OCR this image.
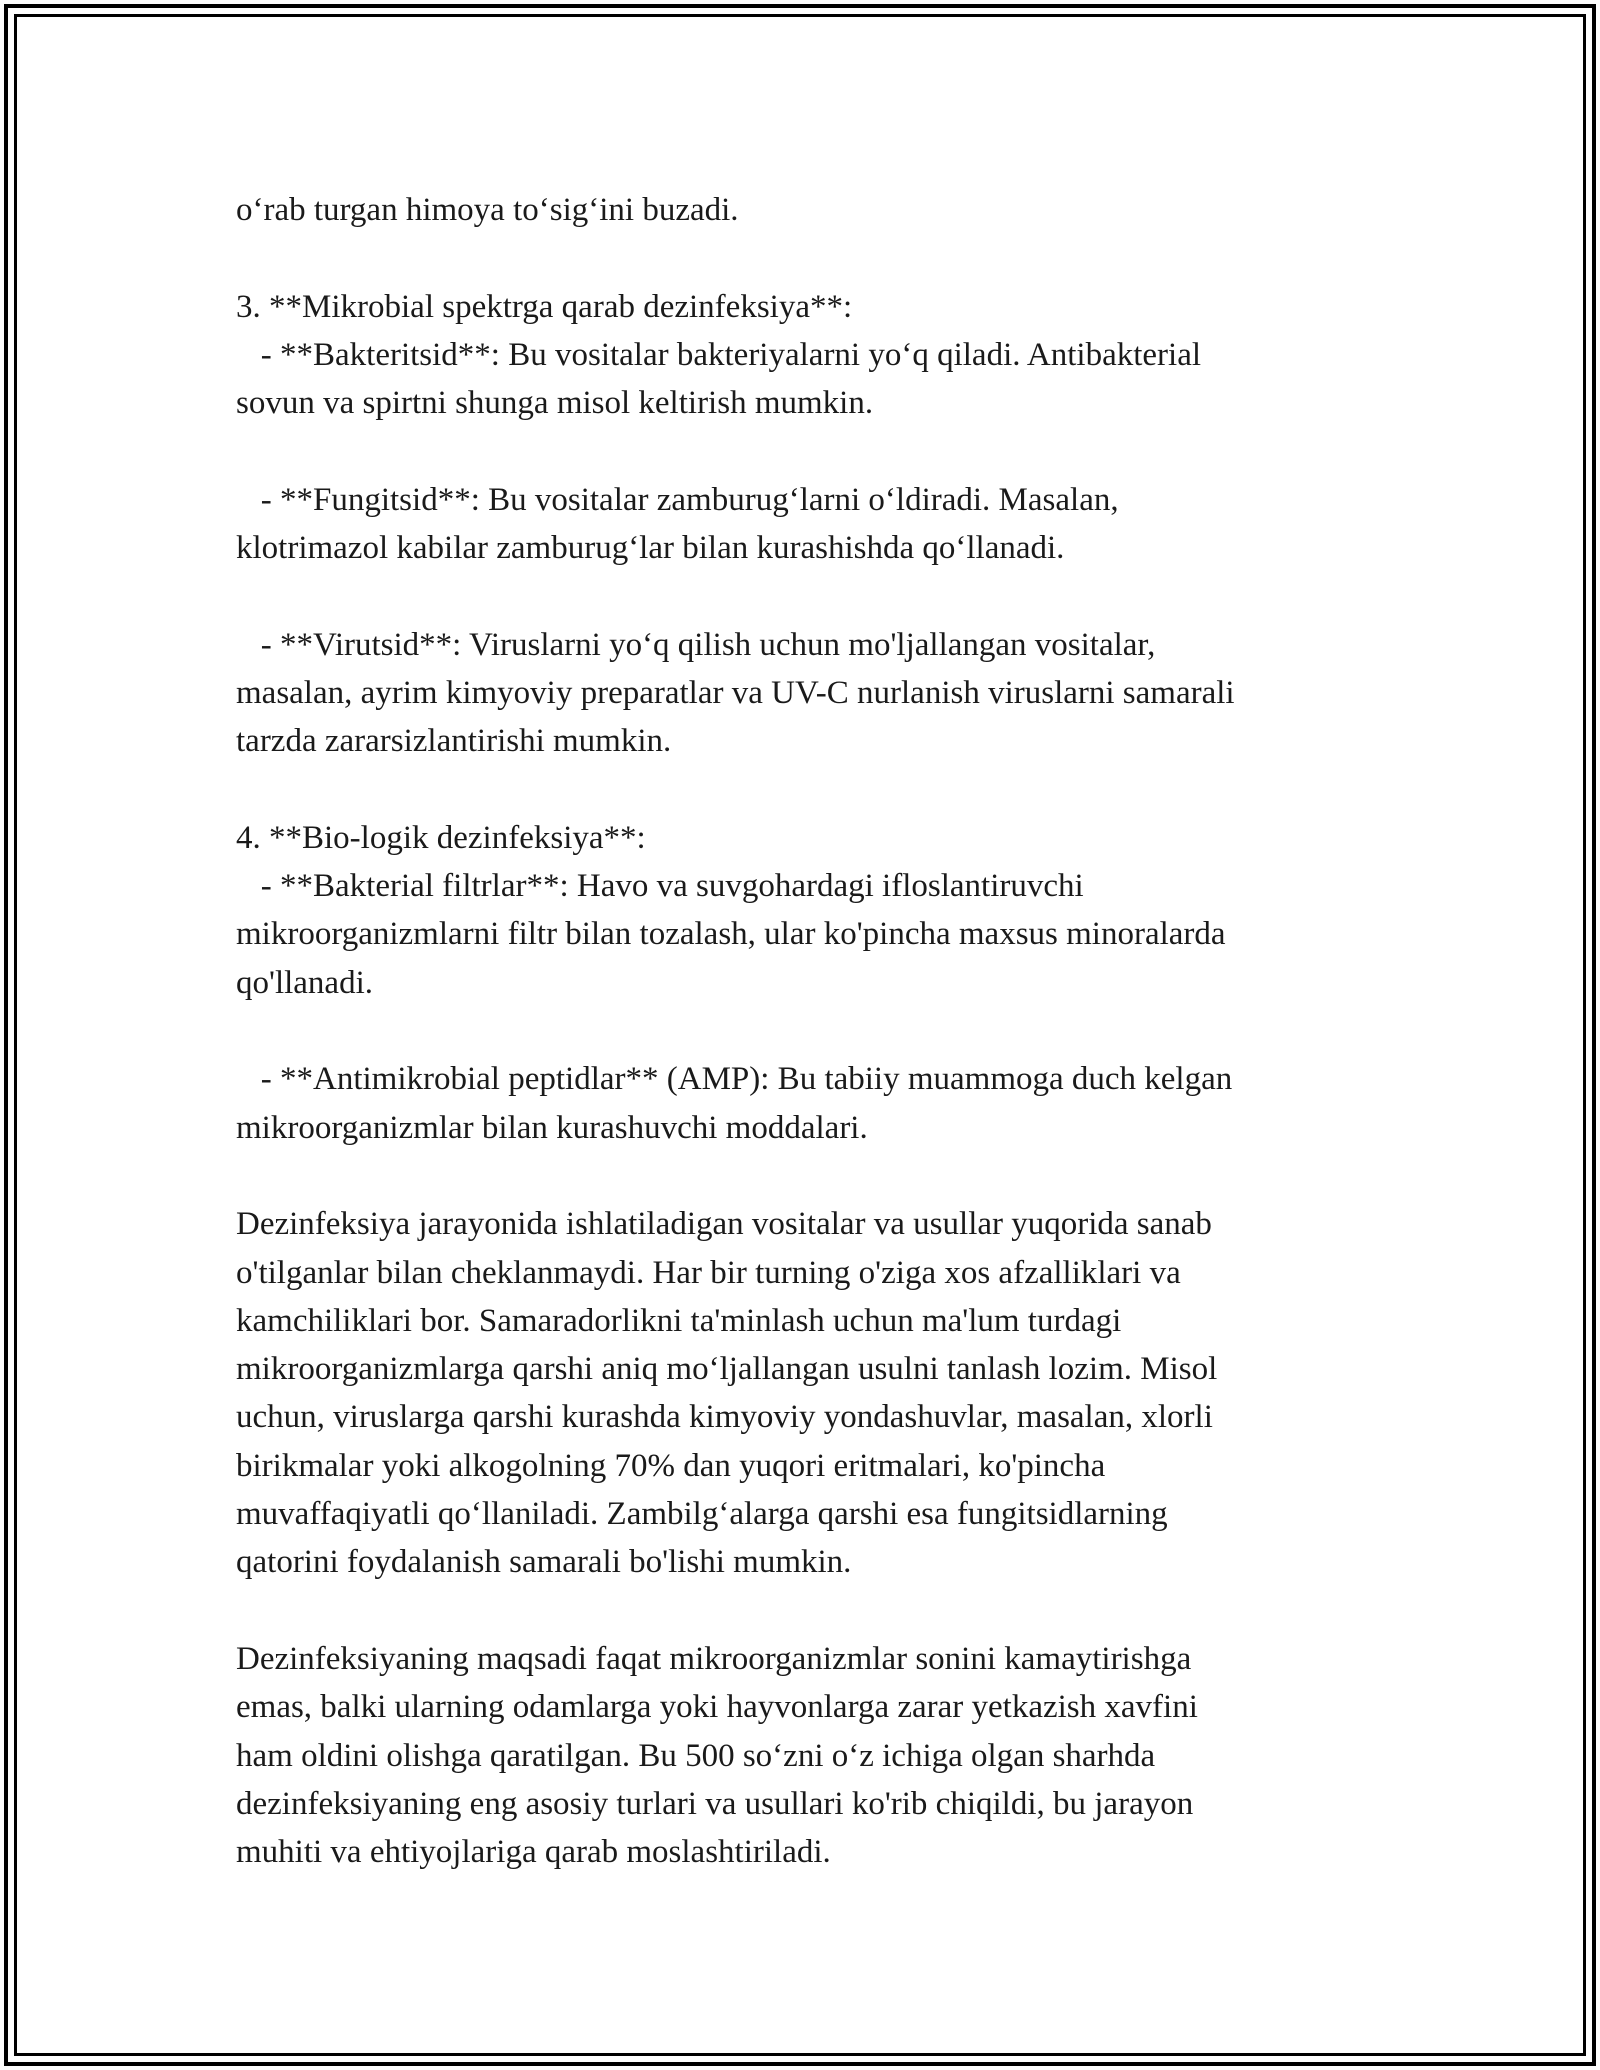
o‘rab turgan himoya to‘sig‘ini buzadi.

3. **Mikrobial spektrga qarab dezinfeksiya**:
- **Bakteritsid**: Bu vositalar bakteriyalarni yo‘q qiladi. Antibakterial
sovun va spirtni shunga misol keltirish mumkin.

- **Fungitsid**: Bu vositalar zamburug‘larni o‘ldiradi. Masalan,
klotrimazol kabilar zamburug‘lar bilan kurashishda qo‘llanadi.

- **Virutsid**: Viruslarni yo‘q qilish uchun mo'ljallangan vositalar,
masalan, ayrim kimyoviy preparatlar va UV-C nurlanish viruslarni samarali
tarzda zararsizlantirishi mumkin.

4. **Bio-logik dezinfeksiya**:
- **Bakterial filtrlar**: Havo va suvgohardagi ifloslantiruvchi
mikroorganizmlarni filtr bilan tozalash, ular ko'pincha maxsus minoralarda
qo'llanadi.

- **Antimikrobial peptidlar** (AMP): Bu tabiiy muammoga duch kelgan
mikroorganizmlar bilan kurashuvchi moddalari.

Dezinfeksiya jarayonida ishlatiladigan vositalar va usullar yuqorida sanab
o'tilganlar bilan cheklanmaydi. Har bir turning o'ziga xos afzalliklari va
kamchiliklari bor. Samaradorlikni ta'minlash uchun ma'lum turdagi
mikroorganizmlarga qarshi aniq mo‘ljallangan usulni tanlash lozim. Misol
uchun, viruslarga qarshi kurashda kimyoviy yondashuvlar, masalan, xlorli
birikmalar yoki alkogolning 70% dan yuqori eritmalari, ko'pincha
muvaffaqiyatli qo‘llaniladi. Zambilg‘alarga qarshi esa fungitsidlarning
qatorini foydalanish samarali bo'lishi mumkin.

Dezinfeksiyaning maqsadi faqat mikroorganizmlar sonini kamaytirishga
emas, balki ularning odamlarga yoki hayvonlarga zarar yetkazish xavfini
ham oldini olishga qaratilgan. Bu 500 so‘zni o‘z ichiga olgan sharhda
dezinfeksiyaning eng asosiy turlari va usullari ko'rib chiqildi, bu jarayon
muhiti va ehtiyojlariga qarab moslashtiriladi.
